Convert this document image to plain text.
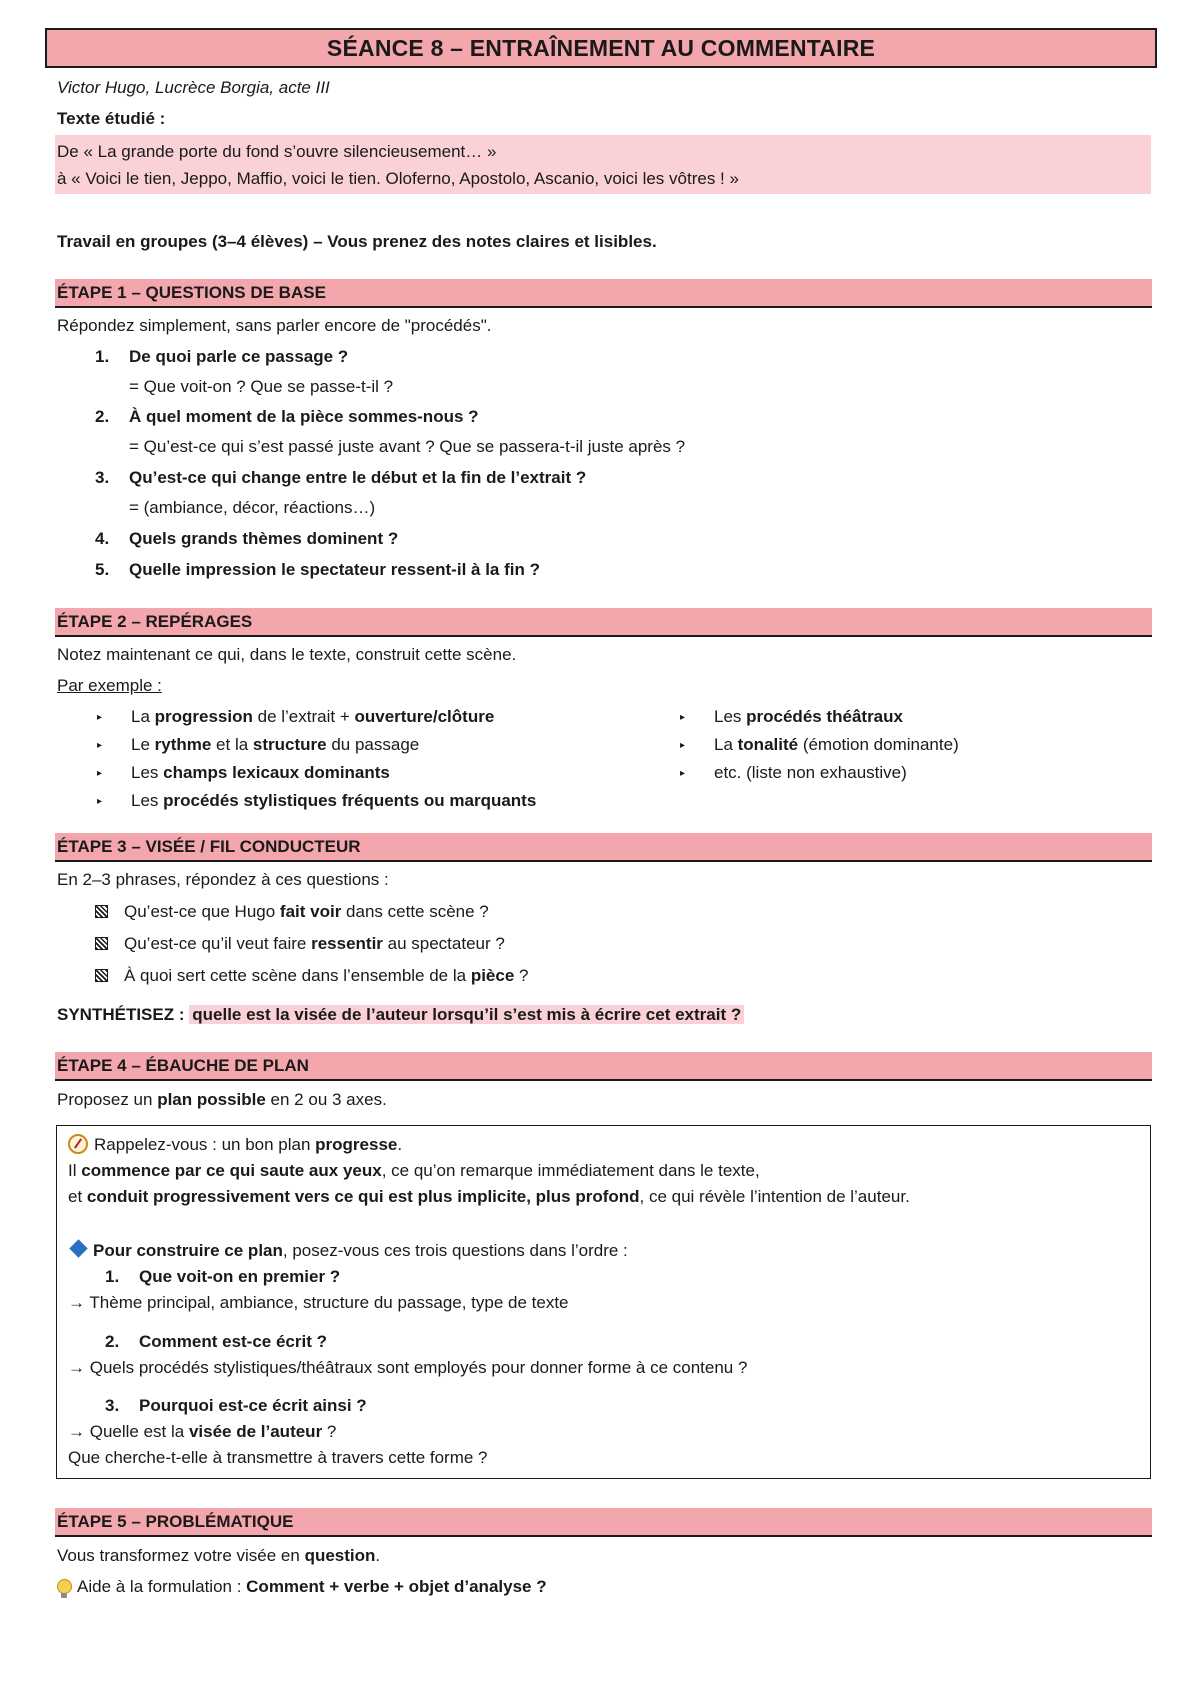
SÉANCE 8 – ENTRAÎNEMENT AU COMMENTAIRE
Victor Hugo, Lucrèce Borgia, acte III
Texte étudié :
De « La grande porte du fond s’ouvre silencieusement… »
à « Voici le tien, Jeppo, Maffio, voici le tien. Oloferno, Apostolo, Ascanio, voici les vôtres ! »
Travail en groupes (3–4 élèves) – Vous prenez des notes claires et lisibles.
ÉTAPE 1 – QUESTIONS DE BASE
Répondez simplement, sans parler encore de "procédés".
1. De quoi parle ce passage ?
= Que voit-on ? Que se passe-t-il ?
2. À quel moment de la pièce sommes-nous ?
= Qu’est-ce qui s’est passé juste avant ? Que se passera-t-il juste après ?
3. Qu’est-ce qui change entre le début et la fin de l’extrait ?
= (ambiance, décor, réactions…)
4. Quels grands thèmes dominent ?
5. Quelle impression le spectateur ressent-il à la fin ?
ÉTAPE 2 – REPÉRAGES
Notez maintenant ce qui, dans le texte, construit cette scène.
Par exemple :
▸ La progression de l’extrait + ouverture/clôture
▸ Le rythme et la structure du passage
▸ Les champs lexicaux dominants
▸ Les procédés stylistiques fréquents ou marquants
▸ Les procédés théâtraux
▸ La tonalité (émotion dominante)
▸ etc. (liste non exhaustive)
ÉTAPE 3 – VISÉE / FIL CONDUCTEUR
En 2–3 phrases, répondez à ces questions :
Qu’est-ce que Hugo fait voir dans cette scène ?
Qu’est-ce qu’il veut faire ressentir au spectateur ?
À quoi sert cette scène dans l’ensemble de la pièce ?
SYNTHÉTISEZ : quelle est la visée de l’auteur lorsqu’il s’est mis à écrire cet extrait ?
ÉTAPE 4 – ÉBAUCHE DE PLAN
Proposez un plan possible en 2 ou 3 axes.
Rappelez-vous : un bon plan progresse.
Il commence par ce qui saute aux yeux, ce qu’on remarque immédiatement dans le texte,
et conduit progressivement vers ce qui est plus implicite, plus profond, ce qui révèle l’intention de l’auteur.
Pour construire ce plan, posez-vous ces trois questions dans l’ordre :
1. Que voit-on en premier ?
→ Thème principal, ambiance, structure du passage, type de texte
2. Comment est-ce écrit ?
→ Quels procédés stylistiques/théâtraux sont employés pour donner forme à ce contenu ?
3. Pourquoi est-ce écrit ainsi ?
→ Quelle est la visée de l’auteur ?
Que cherche-t-elle à transmettre à travers cette forme ?
ÉTAPE 5 – PROBLÉMATIQUE
Vous transformez votre visée en question.
Aide à la formulation : Comment + verbe + objet d’analyse ?
